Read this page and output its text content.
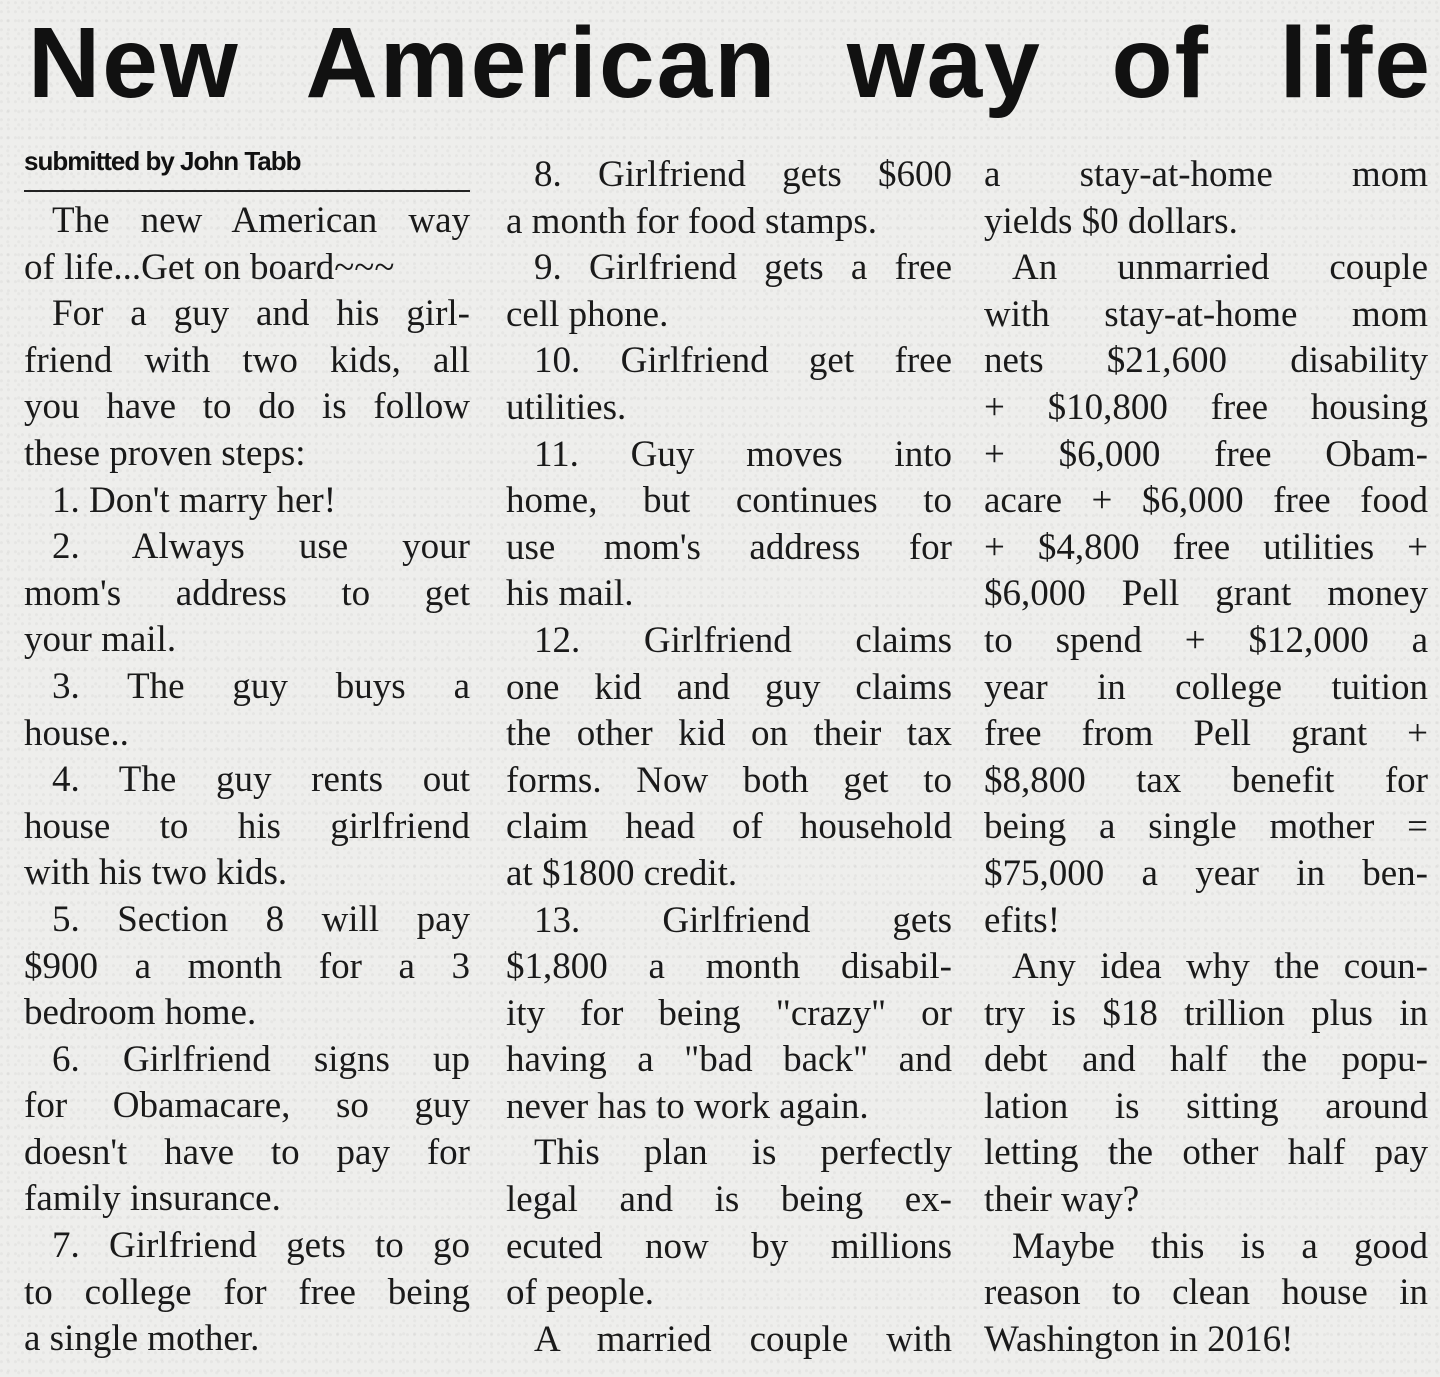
New American way of life
submitted by John Tabb

The new American way

of life...Get on board~~~

For a guy and his girl-

friend with two kids, all

you have to do is follow

these proven steps:

1. Don't marry her!

2. Always use your

mom's address to get

your mail.

3. The guy buys a

house..

4. The guy rents out

house to his girlfriend

with his two kids.

5. Section 8 will pay

$900 a month for a 3

bedroom home.

6. Girlfriend signs up

for Obamacare, so guy

doesn't have to pay for

family insurance.

7. Girlfriend gets to go

to college for free being

a single mother.

8. Girlfriend gets $600

a month for food stamps.

9. Girlfriend gets a free

cell phone.

10. Girlfriend get free

utilities.

11. Guy moves into

home, but continues to

use mom's address for

his mail.

12. Girlfriend claims

one kid and guy claims

the other kid on their tax

forms. Now both get to

claim head of household

at $1800 credit.

13. Girlfriend gets

$1,800 a month disabil-

ity for being "crazy" or

having a "bad back" and

never has to work again.

This plan is perfectly

legal and is being ex-

ecuted now by millions

of people.

A married couple with

a stay-at-home mom

yields $0 dollars.

An unmarried couple

with stay-at-home mom

nets $21,600 disability

+ $10,800 free housing

+ $6,000 free Obam-

acare + $6,000 free food

+ $4,800 free utilities +

$6,000 Pell grant money

to spend + $12,000 a

year in college tuition

free from Pell grant +

$8,800 tax benefit for

being a single mother =

$75,000 a year in ben-

efits!

Any idea why the coun-

try is $18 trillion plus in

debt and half the popu-

lation is sitting around

letting the other half pay

their way?

Maybe this is a good

reason to clean house in

Washington in 2016!
